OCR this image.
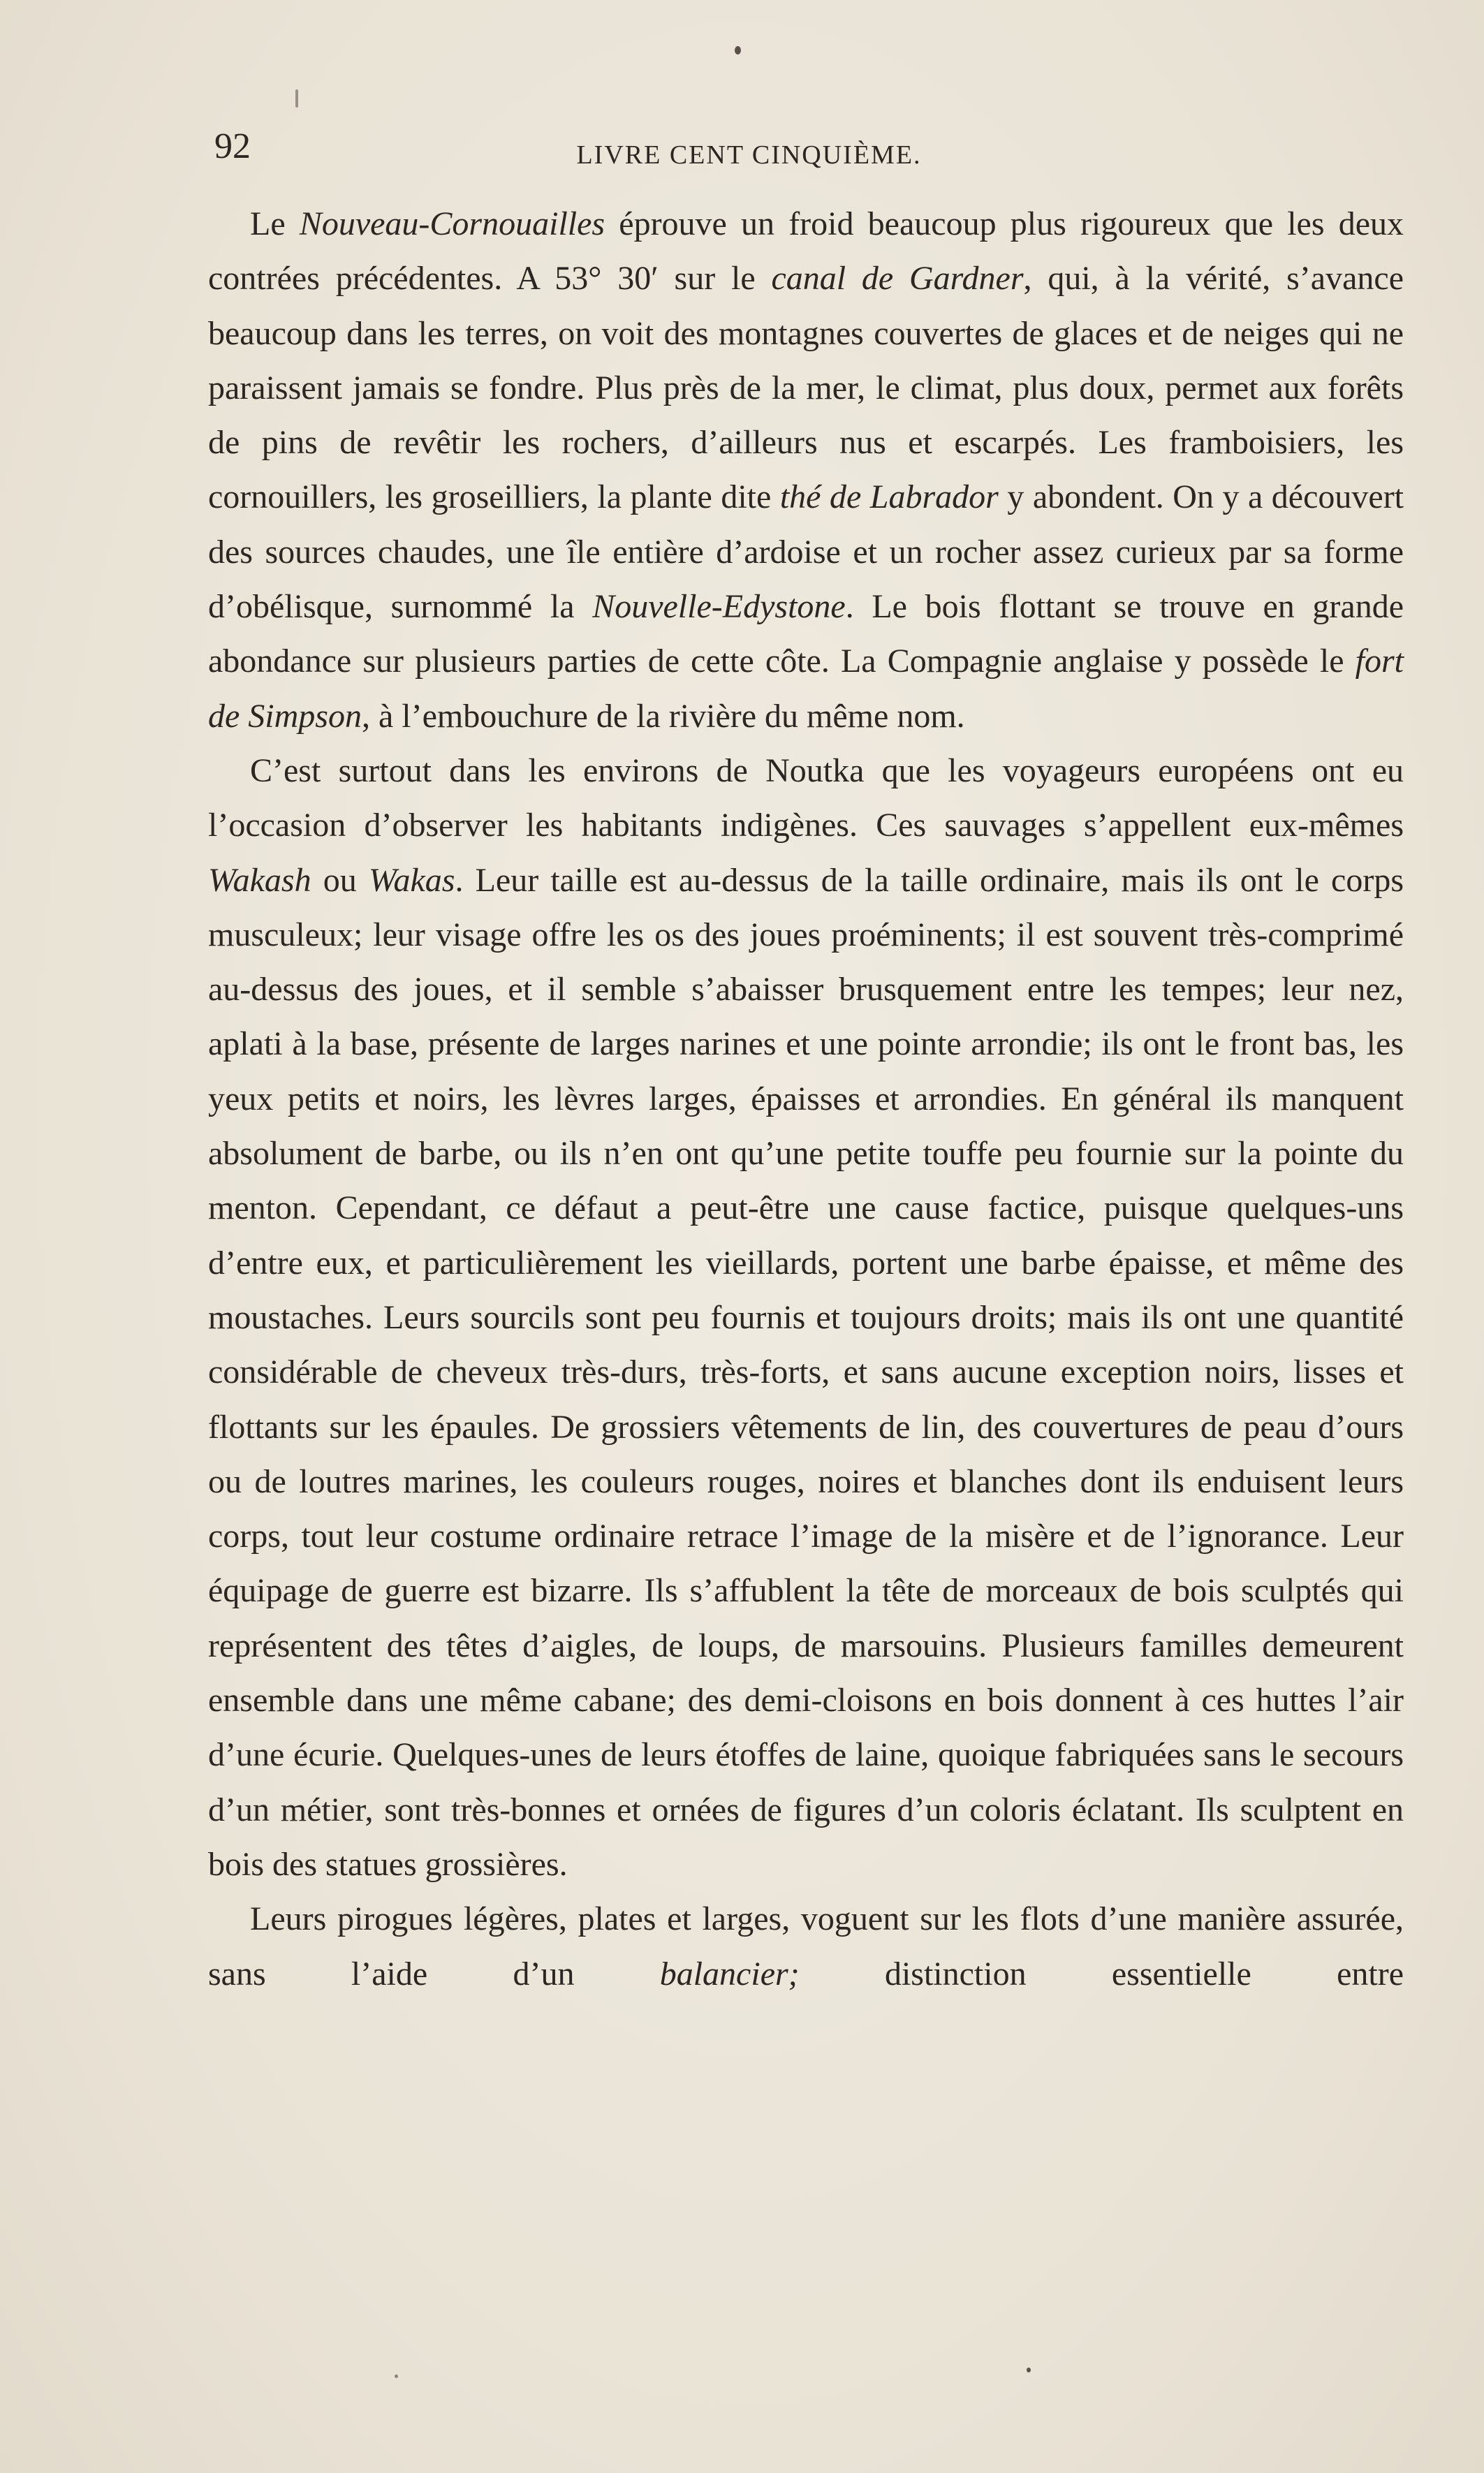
92	LIVRE CENT CINQUIÈME.

Le Nouveau-Cornouailles éprouve un froid beaucoup plus rigoureux que les deux contrées précédentes. A 53° 30′ sur le canal de Gardner, qui, à la vérité, s’avance beaucoup dans les terres, on voit des montagnes couvertes de glaces et de neiges qui ne paraissent jamais se fondre. Plus près de la mer, le climat, plus doux, permet aux forêts de pins de revêtir les rochers, d’ailleurs nus et escarpés. Les framboisiers, les cornouillers, les groseilliers, la plante dite thé de Labrador y abondent. On y a découvert des sources chaudes, une île entière d’ardoise et un rocher assez curieux par sa forme d’obélisque, surnommé la Nouvelle-Edystone. Le bois flottant se trouve en grande abondance sur plusieurs parties de cette côte. La Compagnie anglaise y possède le fort de Simpson, à l’embouchure de la rivière du même nom.

C’est surtout dans les environs de Noutka que les voyageurs européens ont eu l’occasion d’observer les habitants indigènes. Ces sauvages s’appellent eux-mêmes Wakash ou Wakas. Leur taille est au-dessus de la taille ordinaire, mais ils ont le corps musculeux; leur visage offre les os des joues proéminents; il est souvent très-comprimé au-dessus des joues, et il semble s’abaisser brusquement entre les tempes; leur nez, aplati à la base, présente de larges narines et une pointe arrondie; ils ont le front bas, les yeux petits et noirs, les lèvres larges, épaisses et arrondies. En général ils manquent absolument de barbe, ou ils n’en ont qu’une petite touffe peu fournie sur la pointe du menton. Cependant, ce défaut a peut-être une cause factice, puisque quelques-uns d’entre eux, et particulièrement les vieillards, portent une barbe épaisse, et même des moustaches. Leurs sourcils sont peu fournis et toujours droits; mais ils ont une quantité considérable de cheveux très-durs, très-forts, et sans aucune exception noirs, lisses et flottants sur les épaules. De grossiers vêtements de lin, des couvertures de peau d’ours ou de loutres marines, les couleurs rouges, noires et blanches dont ils enduisent leurs corps, tout leur costume ordinaire retrace l’image de la misère et de l’ignorance. Leur équipage de guerre est bizarre. Ils s’affublent la tête de morceaux de bois sculptés qui représentent des têtes d’aigles, de loups, de marsouins. Plusieurs familles demeurent ensemble dans une même cabane; des demi-cloisons en bois donnent à ces huttes l’air d’une écurie. Quelques-unes de leurs étoffes de laine, quoique fabriquées sans le secours d’un métier, sont très-bonnes et ornées de figures d’un coloris éclatant. Ils sculptent en bois des statues grossières.

Leurs pirogues légères, plates et larges, voguent sur les flots d’une manière assurée, sans l’aide d’un balancier; distinction essentielle entre
